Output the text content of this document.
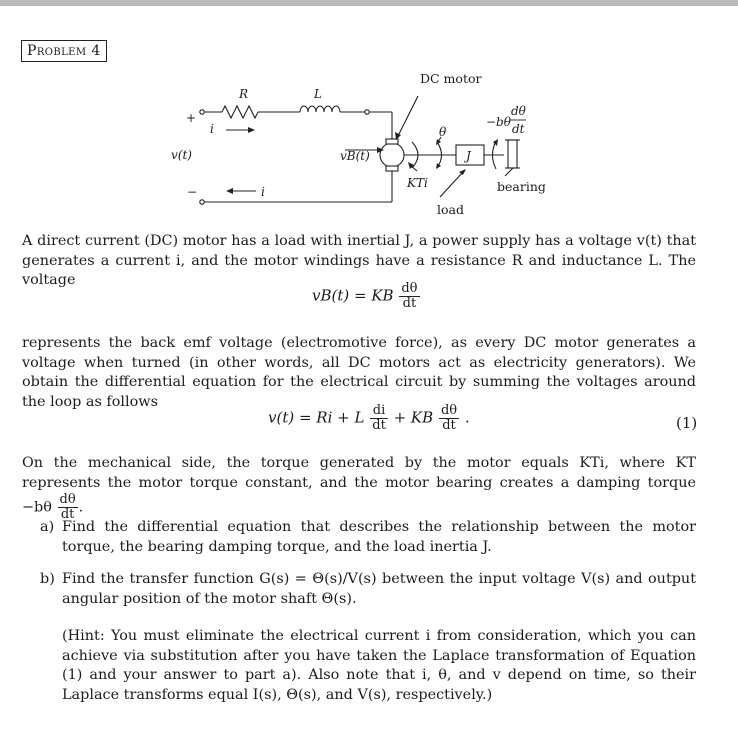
Problem 4
R	L
DC motor
θ
+
−
i
i
v(t)	vB(t)	J
KTi
load
bearing
−bθ
dθ
dt
A direct current (DC) motor has a load with inertial J, a power supply has a voltage v(t) that generates a current i, and the motor windings have a resistance R and inductance L. The voltage
vB(t) = KB $\frac{d\theta}{dt}$
represents the back emf voltage (electromotive force), as every DC motor generates a voltage when turned (in other words, all DC motors act as electricity generators). We obtain the differential equation for the electrical circuit by summing the voltages around the loop as follows
v(t) = Ri + L $\frac{di}{dt}$ + KB $\frac{d\theta}{dt}$ .	(1)
On the mechanical side, the torque generated by the motor equals KTi, where KT represents the motor torque constant, and the motor bearing creates a damping torque $-b\theta \frac{d\theta}{dt}$ .
a) Find the differential equation that describes the relationship between the motor torque, the bearing damping torque, and the load inertia J.
b) Find the transfer function G(s) = Θ(s)/V(s) between the input voltage V(s) and output angular position of the motor shaft Θ(s).
(Hint: You must eliminate the electrical current i from consideration, which you can achieve via substitution after you have taken the Laplace transformation of Equation (1) and your answer to part a). Also note that i, θ, and v depend on time, so their Laplace transforms equal I(s), Θ(s), and V(s), respectively.)
